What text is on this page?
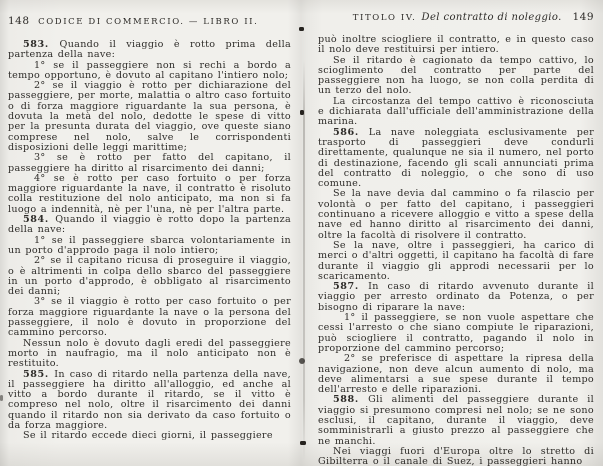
148	CODICE DI COMMERCIO. — LIBRO II.

583. Quando il viaggio è rotto prima della partenza della nave:

1° se il passeggiere non si rechi a bordo a tempo opportuno, è dovuto al capitano l'intiero nolo;

2° se il viaggio è rotto per dichiarazione del passeggiere, per morte, malattia o altro caso fortuito o di forza maggiore riguardante la sua persona, è dovuta la metà del nolo, dedotte le spese di vitto per la presunta durata del viaggio, ove queste siano comprese nel nolo, salve le corrispondenti disposizioni delle leggi marittime;

3° se è rotto per fatto del capitano, il passeggiere ha diritto al risarcimento dei danni;

4° se è rotto per caso fortuito o per forza maggiore riguardante la nave, il contratto è risoluto colla restituzione del nolo anticipato, ma non si fa luogo a indennità, nè per l'una, nè per l'altra parte.

584. Quando il viaggio è rotto dopo la partenza della nave:

1° se il passeggiere sbarca volontariamente in un porto d'approdo paga il nolo intiero;

2° se il capitano ricusa di proseguire il viaggio, o è altrimenti in colpa dello sbarco del passeggiere in un porto d'approdo, è obbligato al risarcimento dei danni;

3° se il viaggio è rotto per caso fortuito o per forza maggiore riguardante la nave o la persona del passeggiere, il nolo è dovuto in proporzione del cammino percorso.

Nessun nolo è dovuto dagli eredi del passeggiere morto in naufragio, ma il nolo anticipato non è restituito.

585. In caso di ritardo nella partenza della nave, il passeggiere ha diritto all'alloggio, ed anche al vitto a bordo durante il ritardo, se il vitto è compreso nel nolo, oltre il risarcimento dei danni quando il ritardo non sia derivato da caso fortuito o da forza maggiore.

Se il ritardo eccede dieci giorni, il passeggiere

TITOLO IV. Del contratto di noleggio.	149

può inoltre sciogliere il contratto, e in questo caso il nolo deve restituirsi per intiero.

Se il ritardo è cagionato da tempo cattivo, lo scioglimento del contratto per parte del passeggiere non ha luogo, se non colla perdita di un terzo del nolo.

La circostanza del tempo cattivo è riconosciuta e dichiarata dall'ufficiale dell'amministrazione della marina.

586. La nave noleggiata esclusivamente per trasporto di passeggieri deve condurli direttamente, qualunque ne sia il numero, nel porto di destinazione, facendo gli scali annunciati prima del contratto di noleggio, o che sono di uso comune.

Se la nave devia dal cammino o fa rilascio per volontà o per fatto del capitano, i passeggieri continuano a ricevere alloggio e vitto a spese della nave ed hanno diritto al risarcimento dei danni, oltre la facoltà di risolvere il contratto.

Se la nave, oltre i passeggieri, ha carico di merci o d'altri oggetti, il capitano ha facoltà di fare durante il viaggio gli approdi necessarii per lo scaricamento.

587. In caso di ritardo avvenuto durante il viaggio per arresto ordinato da Potenza, o per bisogno di riparare la nave:

1° il passeggiere, se non vuole aspettare che cessi l'arresto o che siano compiute le riparazioni, può sciogliere il contratto, pagando il nolo in proporzione del cammino percorso;

2° se preferisce di aspettare la ripresa della navigazione, non deve alcun aumento di nolo, ma deve alimentarsi a sue spese durante il tempo dell'arresto e delle riparazioni.

588. Gli alimenti del passeggiere durante il viaggio si presumono compresi nel nolo; se ne sono esclusi, il capitano, durante il viaggio, deve somministrarli a giusto prezzo al passeggiere che ne manchi.

Nei viaggi fuori d'Europa oltre lo stretto di Gibilterra o il canale di Suez, i passeggieri hanno
